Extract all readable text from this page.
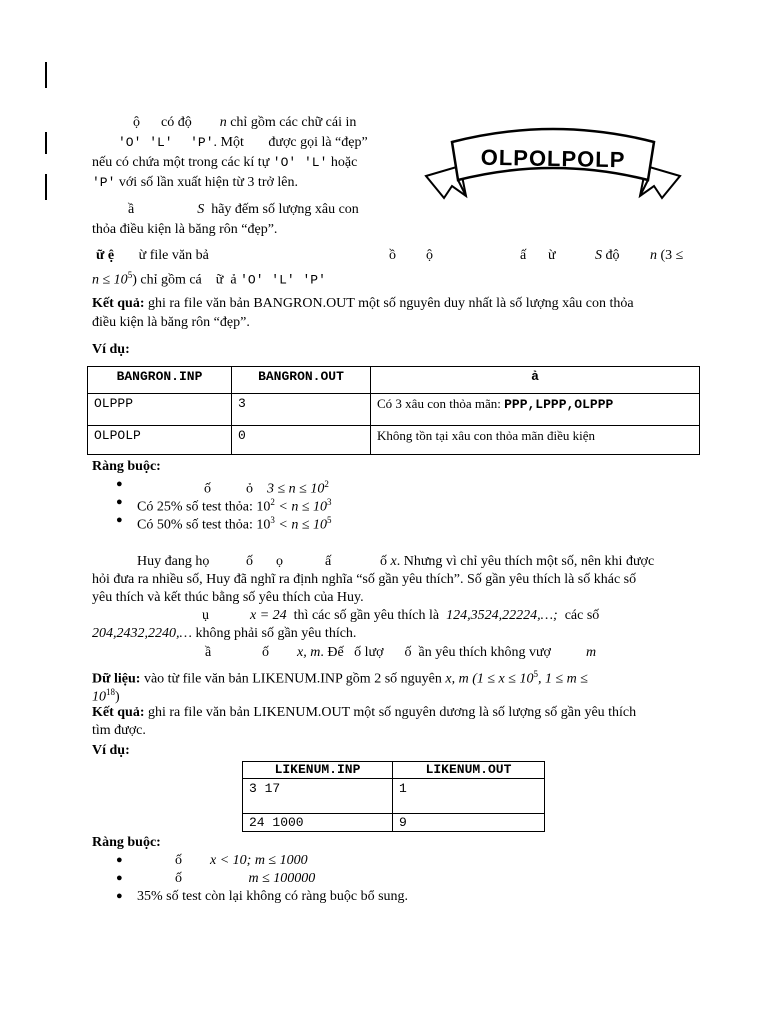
ộ có độ n chỉ gồm các chữ cái in
'O' 'L' 'P'. Một được gọi là “đẹp”
nếu có chứa một trong các kí tự 'O' 'L' hoặc
'P' với số lần xuất hiện từ 3 trở lên.
ầ	S hãy đếm số lượng xâu con
thỏa điều kiện là băng rôn “đẹp”.
ữ ệ ừ file văn bả	ồ ộ	ấ ừ	S độ n (3 ≤
$n \le 10^5$) chỉ gồm cá ữ ả 'O' 'L' 'P'
OLPOLPOLP
Kết quả: ghi ra file văn bản BANGRON.OUT một số nguyên duy nhất là số lượng xâu con thỏa
điều kiện là băng rôn “đẹp”.
Ví dụ:
BANGRON.INP	BANGRON.OUT	ả
OLPPP	3	Có 3 xâu con thỏa mãn: PPP,LPPP,OLPPP
OLPOLP	0	Không tồn tại xâu con thỏa mãn điều kiện
Ràng buộc:
●	ố	ỏ $3 \le n \le 10^2$
● Có 25% số test thỏa: $10^2 < n \le 10^3$
● Có 50% số test thỏa: $10^3 < n \le 10^5$
Huy đang họ	ố ọ	ấ	ố x. Nhưng vì chỉ yêu thích một số, nên khi được
hỏi đưa ra nhiều số, Huy đã nghĩ ra định nghĩa “số gần yêu thích”. Số gần yêu thích là số khác số
yêu thích và kết thúc bằng số yêu thích của Huy.
ụ	x = 24 thì các số gần yêu thích là 124,3524,22224,…; các số
204,2432,2240,… không phải số gần yêu thích.
ầ	ố x, m. Đế ố lượ ố ần yêu thích không vượ	m
Dữ liệu: vào từ file văn bản LIKENUM.INP gồm 2 số nguyên x, m ($1 \le x \le 10^5$, 1 ≤ m ≤
$10^{18}$)
Kết quả: ghi ra file văn bản LIKENUM.OUT một số nguyên dương là số lượng số gần yêu thích
tìm được.
Ví dụ:
LIKENUM.INP	LIKENUM.OUT
3 17	1
24 1000	9
Ràng buộc:
●	ố x < 10; m ≤ 1000
●	ố	m ≤ 100000
● 35% số test còn lại không có ràng buộc bổ sung.
